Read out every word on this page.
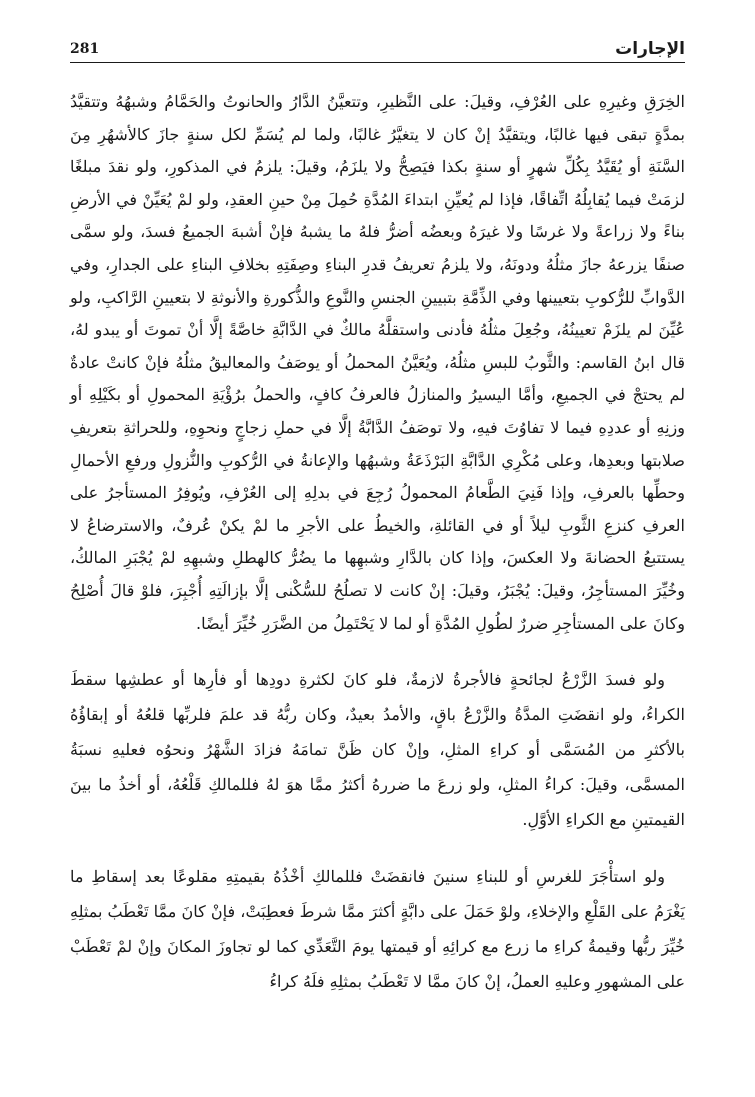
الإجارات
281

الخِرَقِ وغيرِهِ على العُرْفِ، وقيلَ: على النَّظيرِ، وتتعيَّنُ الدَّارُ والحانوتُ والحَمَّامُ وشبهُهُ وتتقيَّدُ بمدَّةٍ تبقى فيها غالبًا، ويتقيَّدُ إنْ كان لا يتغيَّرُ غالبًا، ولما لم يُسَمِّ لكل سنةٍ جازَ كالأشهُرِ مِنَ السَّنَةِ أو يُقَيَّدُ بِكُلِّ شهرٍ أو سنةٍ بكذا فيَصِحُّ ولا يلزَمُ، وقيلَ: يلزمُ في المذكورِ، ولو نقدَ مبلغًا لزمَتْ فيما يُقابِلُهُ اتِّفاقًا، فإذا لم يُعيِّنِ ابتداءَ المُدَّةِ حُمِلَ مِنْ حينِ العقدِ، ولو لمْ يُعَيِّنْ في الأرضِ بناءً ولا زراعةً ولا غرسًا ولا غيرَهُ وبعضُه أضرُّ فلهُ ما يشبهُ فإنْ أشبهَ الجميعُ فسدَ، ولو سمَّى صنفًا يزرعهُ جازَ مثلُهُ ودونَهُ، ولا يلزمُ تعريفُ قدرِ البناءِ وصِفَتِهِ بخلافِ البناءِ على الجدارِ، وفي الدَّوابِّ للرُّكوبِ بتعيينها وفي الذِّمَّةِ بتبيينِ الجنسِ والنَّوعِ والذُّكورةِ والأنوثةِ لا بتعيينِ الرَّاكبِ، ولو عُيِّنَ لم يلزَمْ تعيينُهُ، وجُعِلَ مثلُهُ فأدنى واستقلَّهُ مالكٌ في الدَّابَّةِ خاصَّةً إلَّا أنْ تموتَ أو يبدو لهُ، قال ابنُ القاسم: والثَّوبُ للبسِ مثلُهُ، ويُعَيَّنُ المحملُ أو يوصَفُ والمعاليقُ مثلُهُ فإنْ كانتْ عادةٌ لم يحتجْ في الجميعِ، وأمَّا اليسيرُ والمنازلُ فالعرفُ كافٍ، والحملُ برُؤْيَةِ المحمولِ أو بكَيْلِهِ أو وزنِهِ أو عددِهِ فيما لا تفاوُتَ فيهِ، ولا توصَفُ الدَّابَّةُ إلَّا في حملِ زجاجٍ ونحوِهِ، وللحراثةِ بتعريفِ صلابتها وبعدِها، وعلى مُكْرِي الدَّابَّةِ البَرْذَعَةُ وشبهُها والإعانةُ في الرُّكوبِ والنُّزولِ ورفعِ الأحمالِ وحطِّها بالعرفِ، وإذا فَنِيَ الطَّعامُ المحمولُ رُجِعَ في بدلِهِ إلى العُرْفِ، ويُوفِرُ المستأجرُ على العرفِ كنزعِ الثَّوبِ ليلاً أو في القائلةِ، والخيطُ على الأجرِ ما لمْ يكنْ عُرفٌ، والاسترضاعُ لا يستتبعُ الحضانةَ ولا العكسَ، وإذا كان بالدَّارِ وشبهِها ما يضُرُّ كالهطلِ وشبهِهِ لمْ يُجْبَرِ المالكُ، وخُيِّرَ المستأجِرُ، وقيلَ: يُجْبَرُ، وقيلَ: إنْ كانت لا تصلُحُ للسُّكْنى إلَّا بإزالَتِهِ أُجْبِرَ، فلوْ قالَ أُصْلِحُ وكانَ على المستأجِرِ ضررٌ لطُولِ المُدَّةِ أو لما لا يَحْتَمِلُ من الضَّرَرِ خُيِّرَ أيضًا.

ولو فسدَ الزَّرْعُ لجائحةٍ فالأجرةُ لازمةٌ، فلو كانَ لكثرةِ دودِها أو فأرِها أو عطشِها سقطَ الكراءُ، ولو انقضَتِ المدَّةُ والزَّرْعُ باقٍ، والأمدُ بعيدٌ، وكان ربُّهُ قد علمَ فلربِّها قلعُهُ أو إبقاؤُهُ بالأكثرِ من المُسَمَّى أو كراءِ المثلِ، وإنْ كان ظَنَّ تمامَهُ فزادَ الشَّهْرُ ونحوُه فعليهِ نسبَةُ المسمَّى، وقيلَ: كراءُ المثلِ، ولو زرعَ ما ضررهُ أكثرُ ممَّا هوَ لهُ فللمالكِ قَلْعُهُ، أو أخذُ ما بينَ القيمتينِ مع الكراءِ الأوَّلِ.

ولو استأْجَرَ للغرسِ أو للبناءِ سنينَ فانقضَتْ فللمالكِ أخْذُهُ بقيمتِهِ مقلوعًا بعد إسقاطِ ما يَغْرَمُ على القَلْعِ والإخلاءِ، ولوْ حَمَلَ على دابَّةٍ أكثرَ ممَّا شرطَ فعطِبَتْ، فإنْ كانَ ممَّا تَعْطَبُ بمثلِهِ خُيِّرَ ربُّها وقيمةُ كراءِ ما زرع مع كرائِهِ أو قيمتها يومَ التَّعَدِّي كما لو تجاوزَ المكانَ وإنْ لمْ تَعْطَبْ على المشهورِ وعليهِ العملُ، إنْ كانَ ممَّا لا تَعْطَبُ بمثلِهِ فلَهُ كراءُ
